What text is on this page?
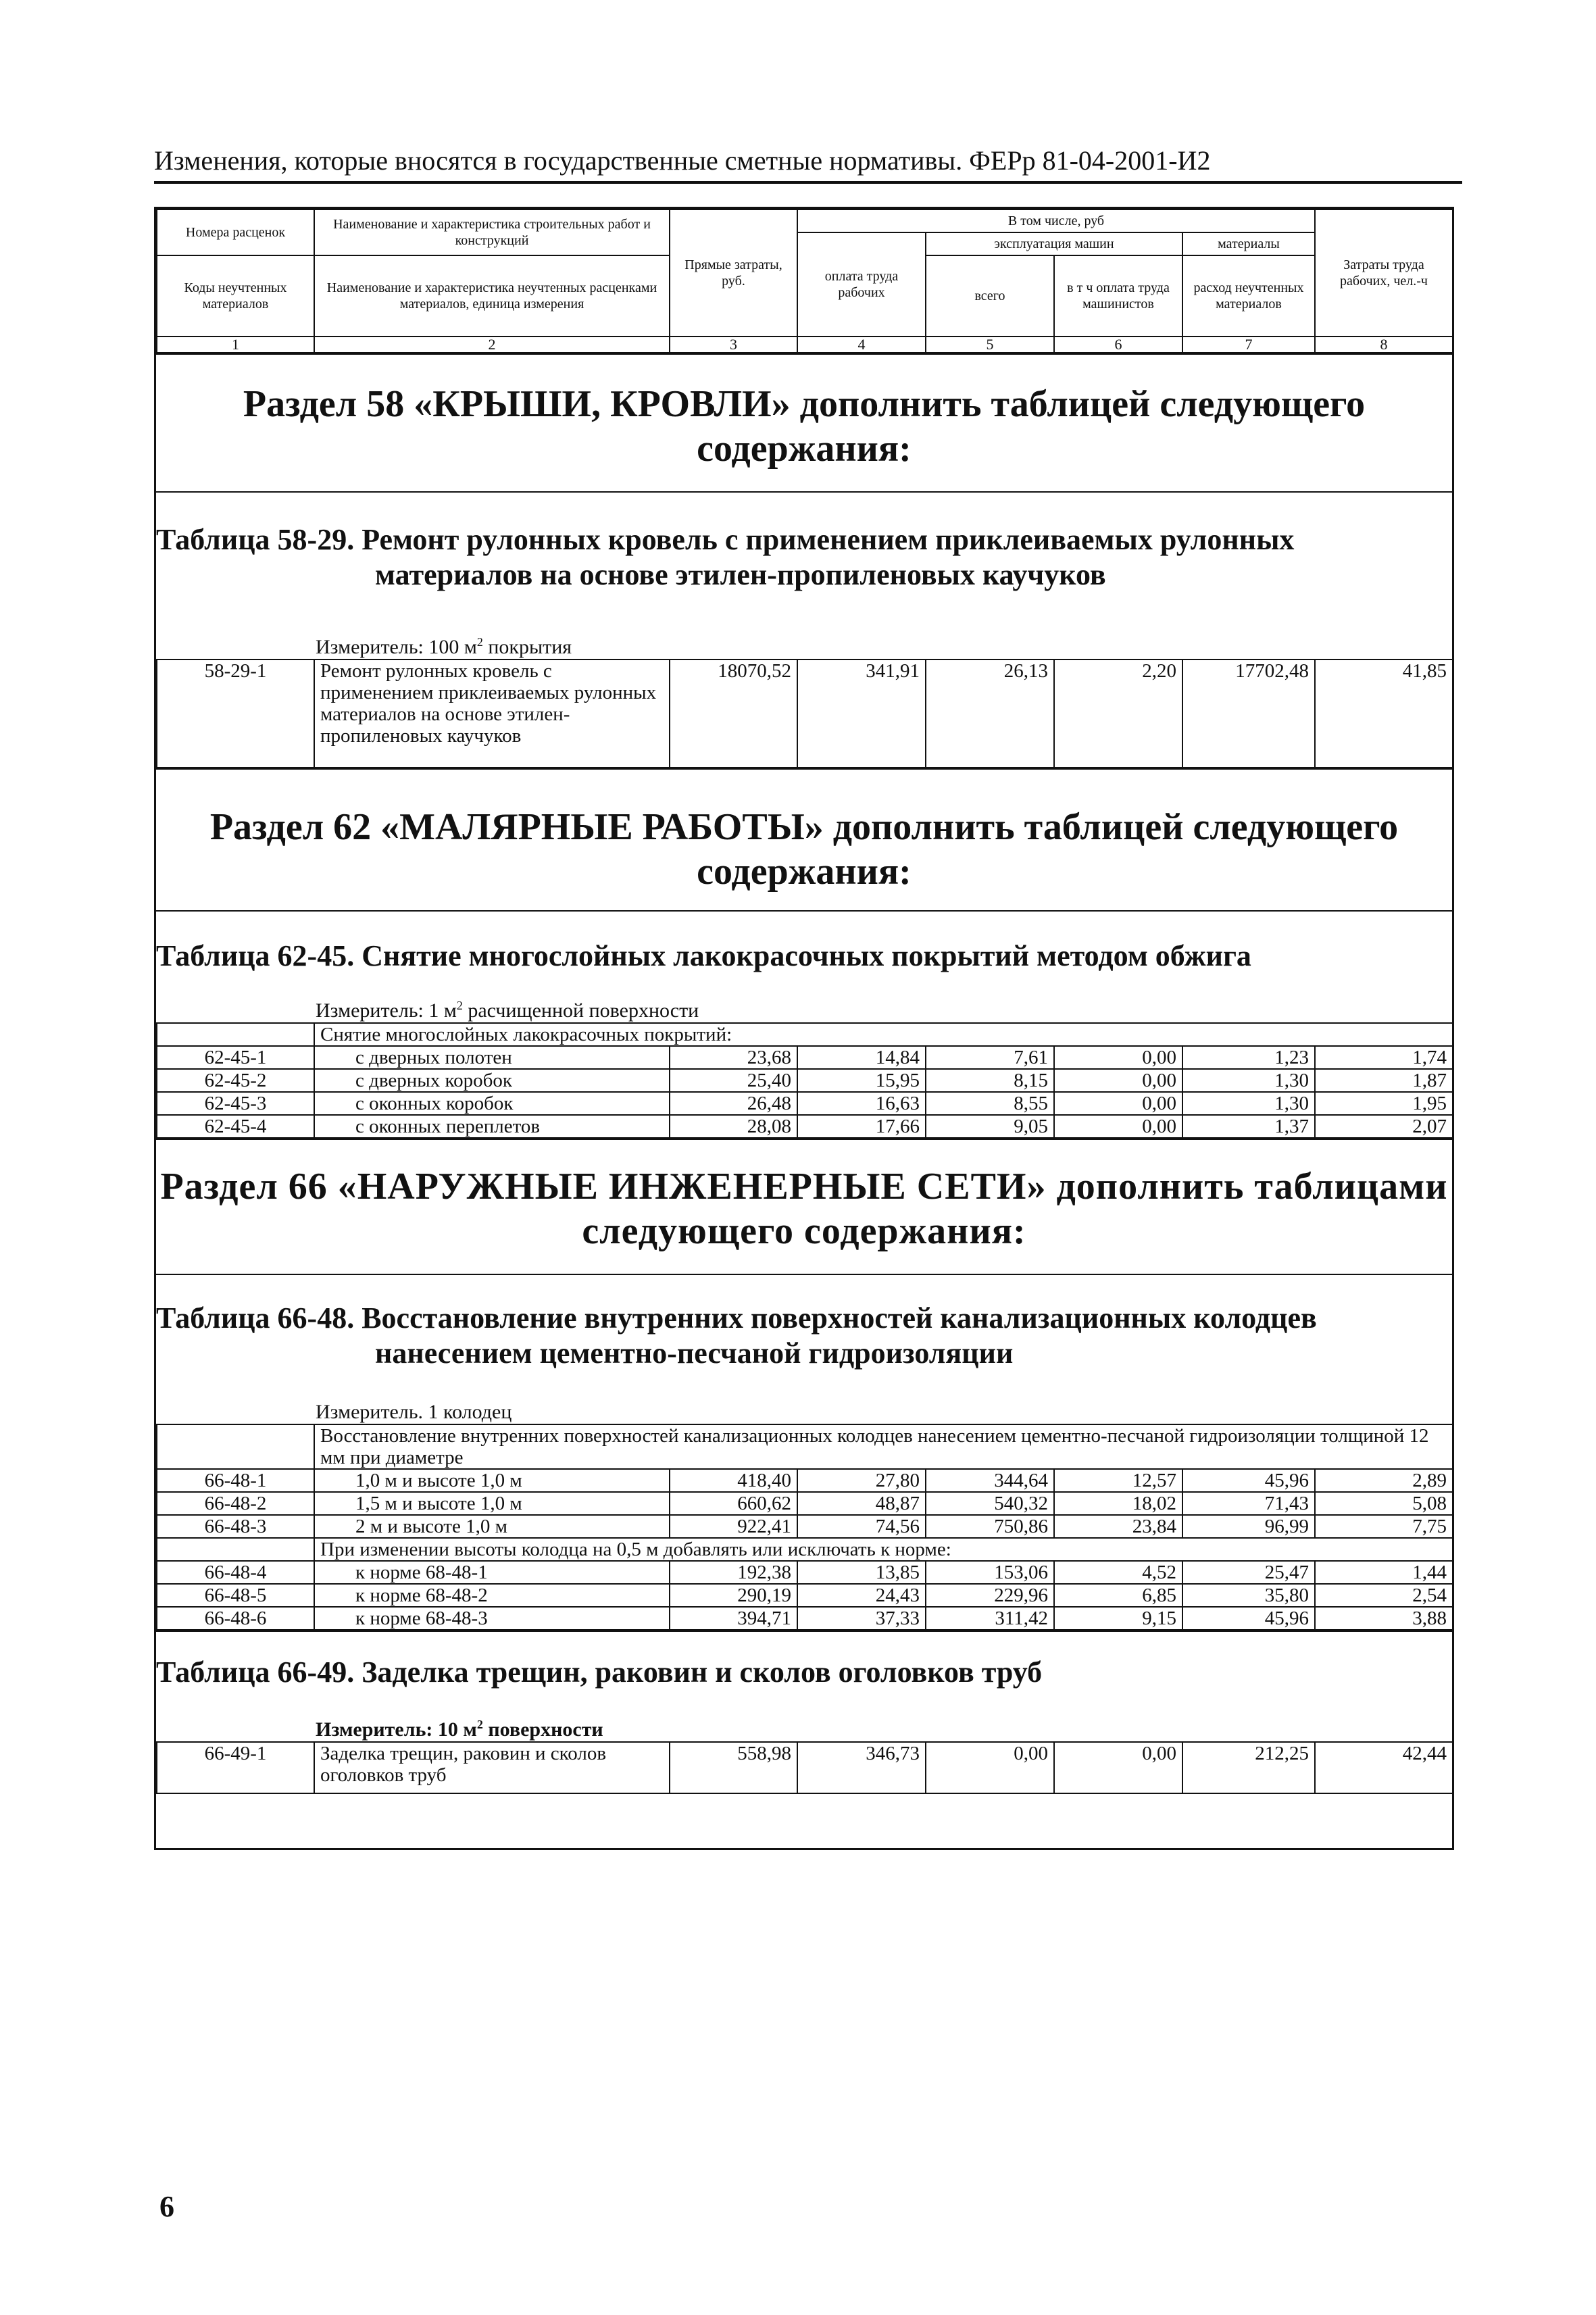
Изменения, которые вносятся в государственные сметные нормативы. ФЕРр 81-04-2001-И2
Номера расценок	Наименование и характеристика строительных работ и конструкций	Прямые затраты, руб.	В том числе, руб				Затраты труда рабочих, чел.-ч
			оплата труда рабочих	эксплуатация машин		материалы	
Коды неучтенных материалов	Наименование и характеристика неучтенных расценками материалов, единица измерения			всего	в т ч оплата труда машинистов	расход неучтенных материалов	

1	2	3	4	5	6	7	8
Раздел 58 «КРЫШИ, КРОВЛИ» дополнить таблицей следующего содержания:
Таблица 58-29. Ремонт рулонных кровель с применением приклеиваемых рулонных
материалов на основе этилен-пропиленовых каучуков
Измеритель: 100 $м^2$ покрытия
58-29-1	Ремонт рулонных кровель с применением приклеиваемых рулонных материалов на основе этилен-пропиленовых каучуков	18070,52	341,91	26,13	2,20	17702,48	41,85
Раздел 62 «МАЛЯРНЫЕ РАБОТЫ» дополнить таблицей следующего
содержания:
Таблица 62-45. Снятие многослойных лакокрасочных покрытий методом обжига
Измеритель: 1 $м^2$ расчищенной поверхности
	Снятие многослойных лакокрасочных покрытий:						
62-45-1	с дверных полотен	23,68	14,84	7,61	0,00	1,23	1,74
62-45-2	с дверных коробок	25,40	15,95	8,15	0,00	1,30	1,87
62-45-3	с оконных коробок	26,48	16,63	8,55	0,00	1,30	1,95
62-45-4	с оконных переплетов	28,08	17,66	9,05	0,00	1,37	2,07
Раздел 66 «НАРУЖНЫЕ ИНЖЕНЕРНЫЕ СЕТИ» дополнить таблицами
следующего содержания:
Таблица 66-48. Восстановление внутренних поверхностей канализационных колодцев
нанесением цементно-песчаной гидроизоляции
Измеритель. 1 колодец
	Восстановление внутренних поверхностей канализационных колодцев нанесением цементно-песчаной гидроизоляции толщиной 12 мм при диаметре						
66-48-1	1,0 м и высоте 1,0 м	418,40	27,80	344,64	12,57	45,96	2,89
66-48-2	1,5 м и высоте 1,0 м	660,62	48,87	540,32	18,02	71,43	5,08
66-48-3	2 м и высоте 1,0 м	922,41	74,56	750,86	23,84	96,99	7,75
	При изменении высоты колодца на 0,5 м добавлять или исключать к норме:						
66-48-4	к норме 68-48-1	192,38	13,85	153,06	4,52	25,47	1,44
66-48-5	к норме 68-48-2	290,19	24,43	229,96	6,85	35,80	2,54
66-48-6	к норме 68-48-3	394,71	37,33	311,42	9,15	45,96	3,88
Таблица 66-49. Заделка трещин, раковин и сколов оголовков труб
Измеритель: 10 $м^2$ поверхности
66-49-1	Заделка трещин, раковин и сколов оголовков труб	558,98	346,73	0,00	0,00	212,25	42,44
6
